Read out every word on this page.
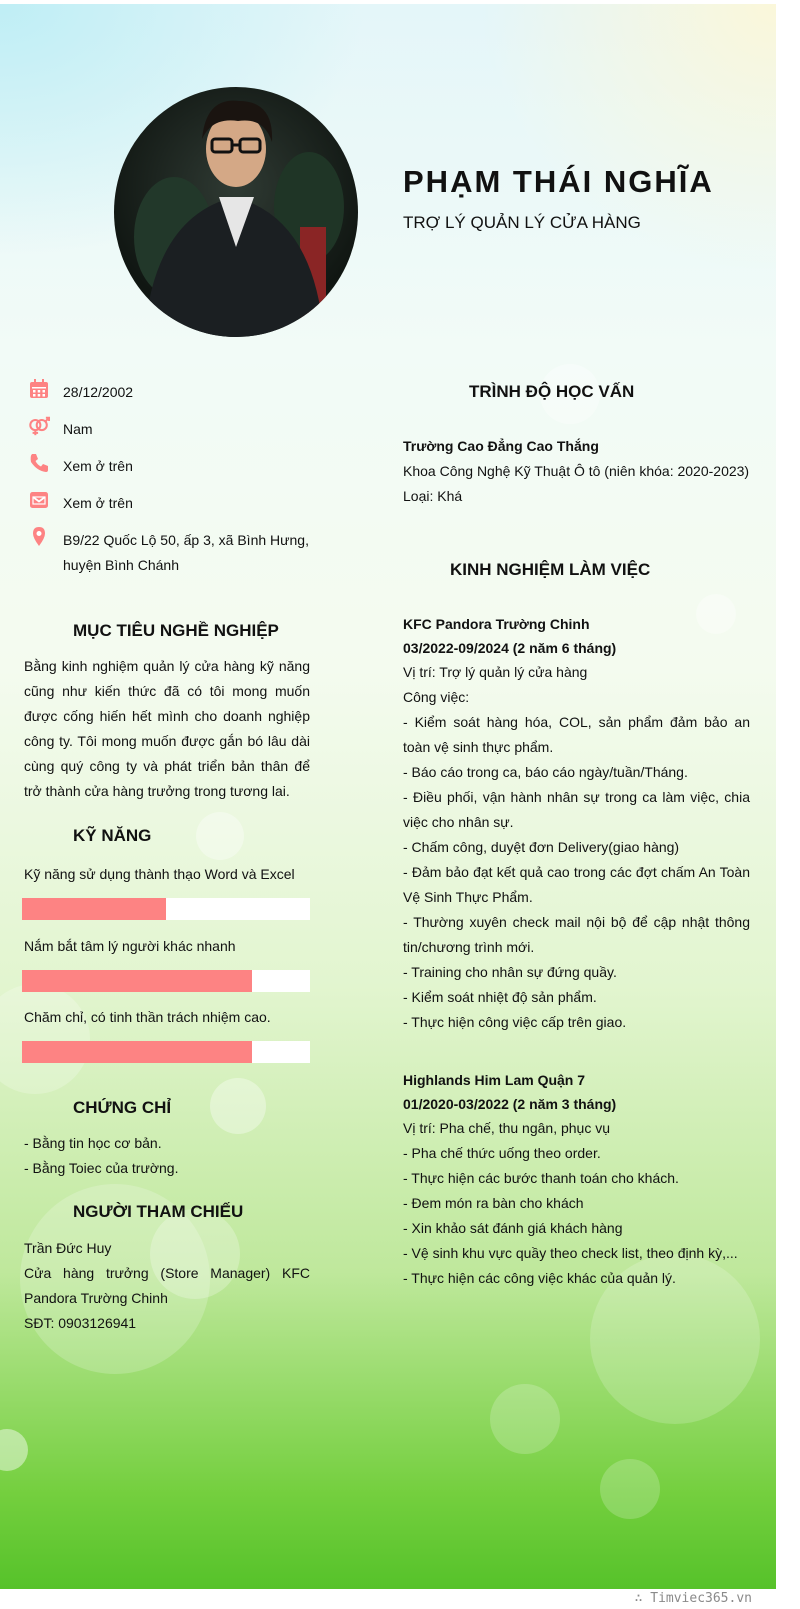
PHẠM THÁI NGHĨA
TRỢ LÝ QUẢN LÝ CỬA HÀNG
28/12/2002
Nam
Xem ở trên
Xem ở trên
B9/22 Quốc Lộ 50, ấp 3, xã Bình Hưng, huyện Bình Chánh
MỤC TIÊU NGHỀ NGHIỆP
Bằng kinh nghiệm quản lý cửa hàng kỹ năng cũng như kiến thức đã có tôi mong muốn được cống hiến hết mình cho doanh nghiệp công ty. Tôi mong muốn được gắn bó lâu dài cùng quý công ty và phát triển bản thân để trở thành cửa hàng trưởng trong tương lai.
KỸ NĂNG
Kỹ năng sử dụng thành thạo Word và Excel
Nắm bắt tâm lý người khác nhanh
Chăm chỉ, có tinh thần trách nhiệm cao.
CHỨNG CHỈ
- Bằng tin học cơ bản.
- Bằng Toiec của trường.
NGƯỜI THAM CHIẾU
Trần Đức Huy
Cửa hàng trưởng (Store Manager) KFC Pandora Trường Chinh
SĐT: 0903126941
TRÌNH ĐỘ HỌC VẤN
Trường Cao Đẳng Cao Thắng
Khoa Công Nghệ Kỹ Thuật Ô tô (niên khóa: 2020-2023)
Loại: Khá
KINH NGHIỆM LÀM VIỆC
KFC Pandora Trường Chinh
03/2022-09/2024 (2 năm 6 tháng)
Vị trí: Trợ lý quản lý cửa hàng
Công việc:
- Kiểm soát hàng hóa, COL, sản phẩm đảm bảo an toàn vệ sinh thực phẩm.
- Báo cáo trong ca, báo cáo ngày/tuần/Tháng.
- Điều phối, vận hành nhân sự trong ca làm việc, chia việc cho nhân sự.
- Chấm công, duyệt đơn Delivery(giao hàng)
- Đảm bảo đạt kết quả cao trong các đợt chấm An Toàn Vệ Sinh Thực Phẩm.
- Thường xuyên check mail nội bộ để cập nhật thông tin/chương trình mới.
- Training cho nhân sự đứng quầy.
- Kiểm soát nhiệt độ sản phẩm.
- Thực hiện công việc cấp trên giao.
Highlands Him Lam Quận 7
01/2020-03/2022 (2 năm 3 tháng)
Vị trí: Pha chế, thu ngân, phục vụ
- Pha chế thức uống theo order.
- Thực hiện các bước thanh toán cho khách.
- Đem món ra bàn cho khách
- Xin khảo sát đánh giá khách hàng
- Vệ sinh khu vực quầy theo check list, theo định kỳ,...
- Thực hiện các công việc khác của quản lý.
∴ Timviec365.vn
